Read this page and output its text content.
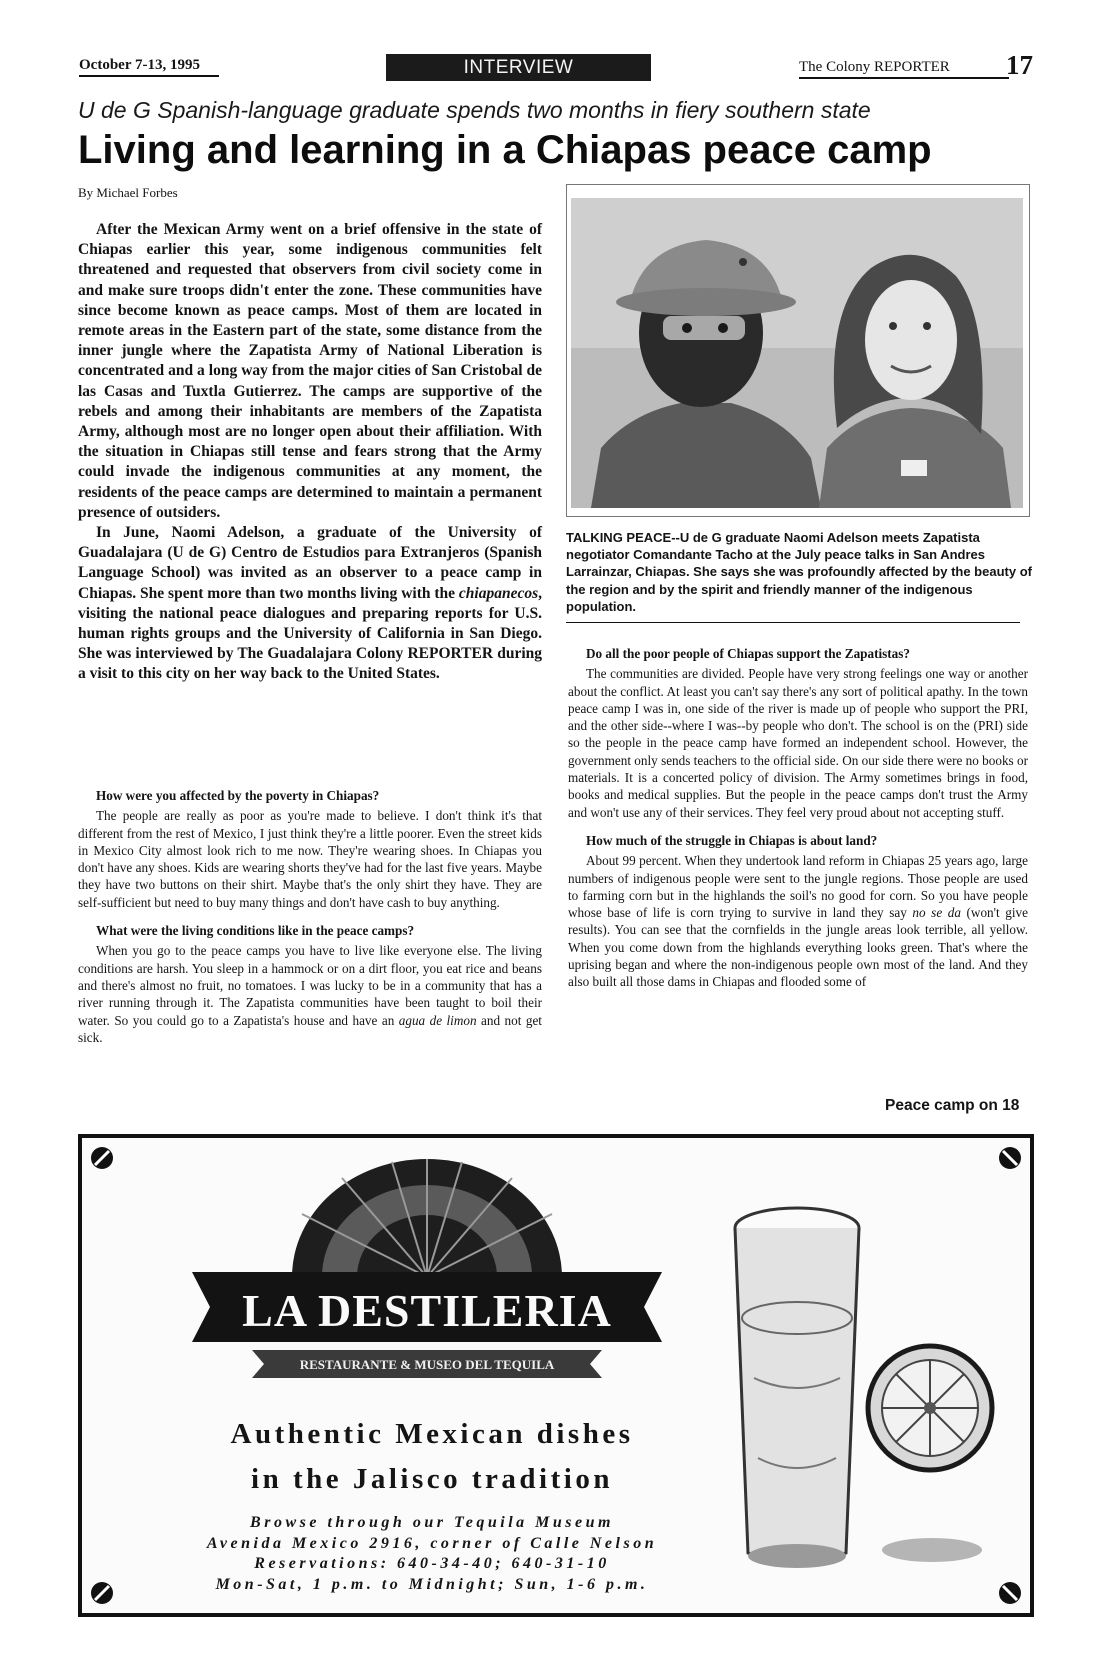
October 7-13, 1995	INTERVIEW	The Colony REPORTER	17
U de G Spanish-language graduate spends two months in fiery southern state
Living and learning in a Chiapas peace camp
By Michael Forbes

After the Mexican Army went on a brief offensive in the state of Chiapas earlier this year, some indigenous communities felt threatened and requested that observers from civil society come in and make sure troops didn't enter the zone. These communities have since become known as peace camps. Most of them are located in remote areas in the Eastern part of the state, some distance from the inner jungle where the Zapatista Army of National Liberation is concentrated and a long way from the major cities of San Cristobal de las Casas and Tuxtla Gutierrez. The camps are supportive of the rebels and among their inhabitants are members of the Zapatista Army, although most are no longer open about their affiliation. With the situation in Chiapas still tense and fears strong that the Army could invade the indigenous communities at any moment, the residents of the peace camps are determined to maintain a permanent presence of outsiders.

In June, Naomi Adelson, a graduate of the University of Guadalajara (U de G) Centro de Estudios para Extranjeros (Spanish Language School) was invited as an observer to a peace camp in Chiapas. She spent more than two months living with the chiapanecos, visiting the national peace dialogues and preparing reports for U.S. human rights groups and the University of California in San Diego. She was interviewed by The Guadalajara Colony REPORTER during a visit to this city on her way back to the United States.

How were you affected by the poverty in Chiapas?

The people are really as poor as you're made to believe. I don't think it's that different from the rest of Mexico, I just think they're a little poorer. Even the street kids in Mexico City almost look rich to me now. They're wearing shoes. In Chiapas you don't have any shoes. Kids are wearing shorts they've had for the last five years. Maybe they have two buttons on their shirt. Maybe that's the only shirt they have. They are self-sufficient but need to buy many things and don't have cash to buy anything.

What were the living conditions like in the peace camps?

When you go to the peace camps you have to live like everyone else. The living conditions are harsh. You sleep in a hammock or on a dirt floor, you eat rice and beans and there's almost no fruit, no tomatoes. I was lucky to be in a community that has a river running through it. The Zapatista communities have been taught to boil their water. So you could go to a Zapatista's house and have an agua de limon and not get sick.

TALKING PEACE--U de G graduate Naomi Adelson meets Zapatista negotiator Comandante Tacho at the July peace talks in San Andres Larrainzar, Chiapas. She says she was profoundly affected by the beauty of the region and by the spirit and friendly manner of the indigenous population.

Do all the poor people of Chiapas support the Zapatistas?

The communities are divided. People have very strong feelings one way or another about the conflict. At least you can't say there's any sort of political apathy. In the town peace camp I was in, one side of the river is made up of people who support the PRI, and the other side--where I was--by people who don't. The school is on the (PRI) side so the people in the peace camp have formed an independent school. However, the government only sends teachers to the official side. On our side there were no books or materials. It is a concerted policy of division. The Army sometimes brings in food, books and medical supplies. But the people in the peace camps don't trust the Army and won't use any of their services. They feel very proud about not accepting stuff.

How much of the struggle in Chiapas is about land?

About 99 percent. When they undertook land reform in Chiapas 25 years ago, large numbers of indigenous people were sent to the jungle regions. Those people are used to farming corn but in the highlands the soil's no good for corn. So you have people whose base of life is corn trying to survive in land they say no se da (won't give results). You can see that the cornfields in the jungle areas look terrible, all yellow. When you come down from the highlands everything looks green. That's where the uprising began and where the non-indigenous people own most of the land. And they also built all those dams in Chiapas and flooded some of

Peace camp on 18
LA DESTILERIA
RESTAURANTE & MUSEO DEL TEQUILA
Authentic Mexican dishes
in the Jalisco tradition
Browse through our Tequila Museum
Avenida Mexico 2916, corner of Calle Nelson
Reservations: 640-34-40; 640-31-10
Mon-Sat, 1 p.m. to Midnight; Sun, 1-6 p.m.
